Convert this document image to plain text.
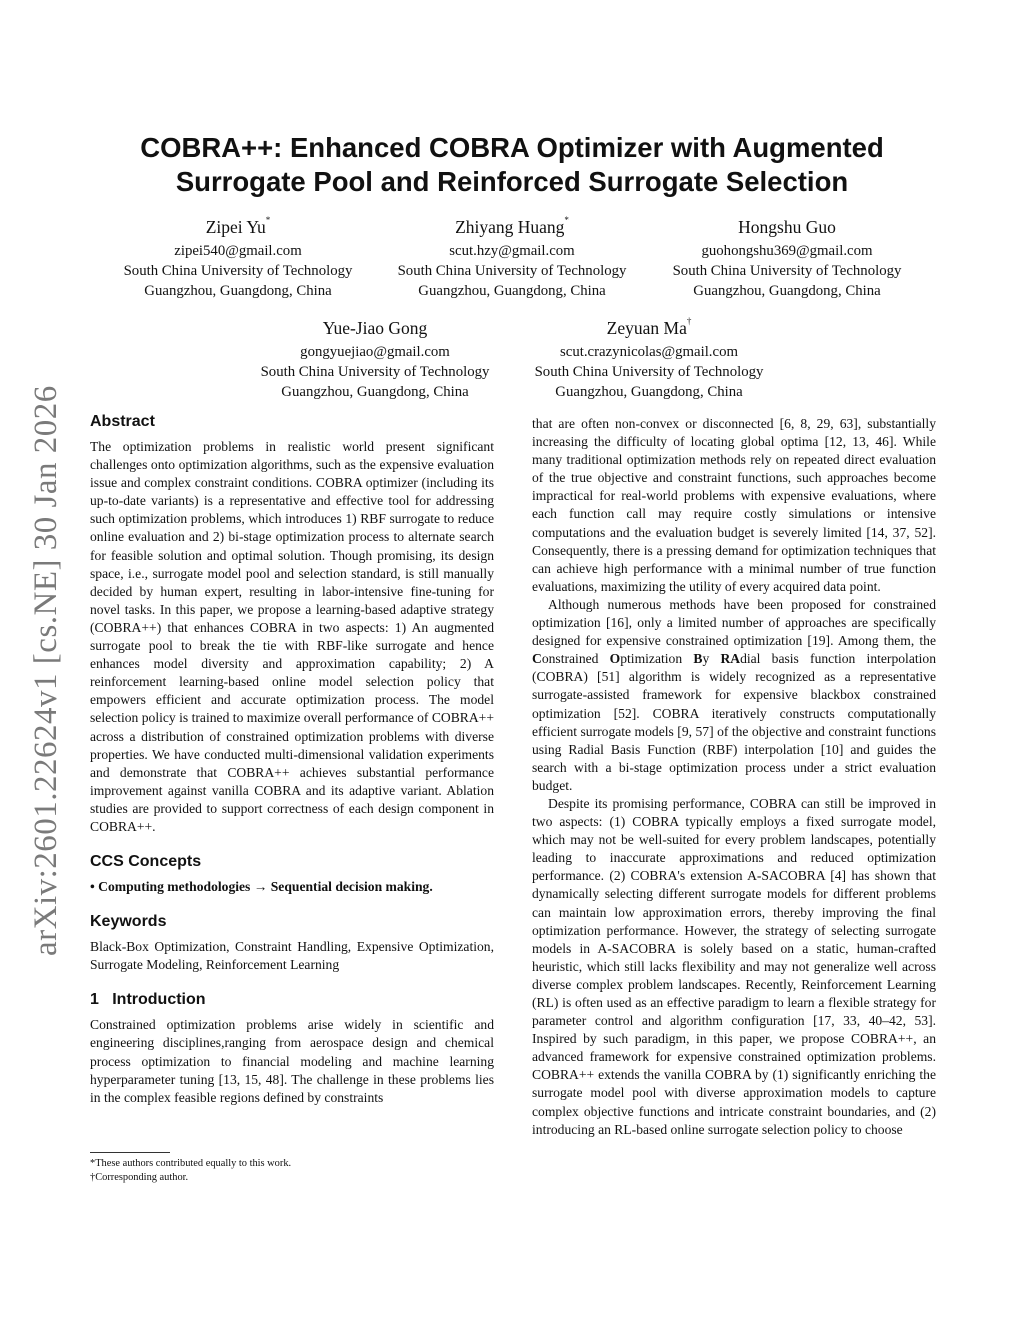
arXiv:2601.22624v1 [cs.NE] 30 Jan 2026
COBRA++: Enhanced COBRA Optimizer with Augmented
Surrogate Pool and Reinforced Surrogate Selection
Zipei Yu*
zipei540@gmail.com
South China University of Technology
Guangzhou, Guangdong, China
Zhiyang Huang*
scut.hzy@gmail.com
South China University of Technology
Guangzhou, Guangdong, China
Hongshu Guo
guohongshu369@gmail.com
South China University of Technology
Guangzhou, Guangdong, China
Yue-Jiao Gong
gongyuejiao@gmail.com
South China University of Technology
Guangzhou, Guangdong, China
Zeyuan Ma†
scut.crazynicolas@gmail.com
South China University of Technology
Guangzhou, Guangdong, China
Abstract

The optimization problems in realistic world present significant challenges onto optimization algorithms, such as the expensive evaluation issue and complex constraint conditions. COBRA optimizer (including its up-to-date variants) is a representative and effective tool for addressing such optimization problems, which introduces 1) RBF surrogate to reduce online evaluation and 2) bi-stage optimization process to alternate search for feasible solution and optimal solution. Though promising, its design space, i.e., surrogate model pool and selection standard, is still manually decided by human expert, resulting in labor-intensive fine-tuning for novel tasks. In this paper, we propose a learning-based adaptive strategy (COBRA++) that enhances COBRA in two aspects: 1) An augmented surrogate pool to break the tie with RBF-like surrogate and hence enhances model diversity and approximation capability; 2) A reinforcement learning-based online model selection policy that empowers efficient and accurate optimization process. The model selection policy is trained to maximize overall performance of COBRA++ across a distribution of constrained optimization problems with diverse properties. We have conducted multi-dimensional validation experiments and demonstrate that COBRA++ achieves substantial performance improvement against vanilla COBRA and its adaptive variant. Ablation studies are provided to support correctness of each design component in COBRA++.

CCS Concepts

• Computing methodologies → Sequential decision making.

Keywords

Black-Box Optimization, Constraint Handling, Expensive Optimization, Surrogate Modeling, Reinforcement Learning

1   Introduction

Constrained optimization problems arise widely in scientific and engineering disciplines,ranging from aerospace design and chemical process optimization to financial modeling and machine learning hyperparameter tuning [13, 15, 48]. The challenge in these problems lies in the complex feasible regions defined by constraints

that are often non-convex or disconnected [6, 8, 29, 63], substantially increasing the difficulty of locating global optima [12, 13, 46]. While many traditional optimization methods rely on repeated direct evaluation of the true objective and constraint functions, such approaches become impractical for real-world problems with expensive evaluations, where each function call may require costly simulations or intensive computations and the evaluation budget is severely limited [14, 37, 52]. Consequently, there is a pressing demand for optimization techniques that can achieve high performance with a minimal number of true function evaluations, maximizing the utility of every acquired data point.

Although numerous methods have been proposed for constrained optimization [16], only a limited number of approaches are specifically designed for expensive constrained optimization [19]. Among them, the Constrained Optimization By RAdial basis function interpolation (COBRA) [51] algorithm is widely recognized as a representative surrogate-assisted framework for expensive blackbox constrained optimization [52]. COBRA iteratively constructs computationally efficient surrogate models [9, 57] of the objective and constraint functions using Radial Basis Function (RBF) interpolation [10] and guides the search with a bi-stage optimization process under a strict evaluation budget.

Despite its promising performance, COBRA can still be improved in two aspects: (1) COBRA typically employs a fixed surrogate model, which may not be well-suited for every problem landscapes, potentially leading to inaccurate approximations and reduced optimization performance. (2) COBRA's extension A-SACOBRA [4] has shown that dynamically selecting different surrogate models for different problems can maintain low approximation errors, thereby improving the final optimization performance. However, the strategy of selecting surrogate models in A-SACOBRA is solely based on a static, human-crafted heuristic, which still lacks flexibility and may not generalize well across diverse complex problem landscapes. Recently, Reinforcement Learning (RL) is often used as an effective paradigm to learn a flexible strategy for parameter control and algorithm configuration [17, 33, 40–42, 53]. Inspired by such paradigm, in this paper, we propose COBRA++, an advanced framework for expensive constrained optimization problems. COBRA++ extends the vanilla COBRA by (1) significantly enriching the surrogate model pool with diverse approximation models to capture complex objective functions and intricate constraint boundaries, and (2) introducing an RL-based online surrogate selection policy to choose

*These authors contributed equally to this work.
†Corresponding author.
